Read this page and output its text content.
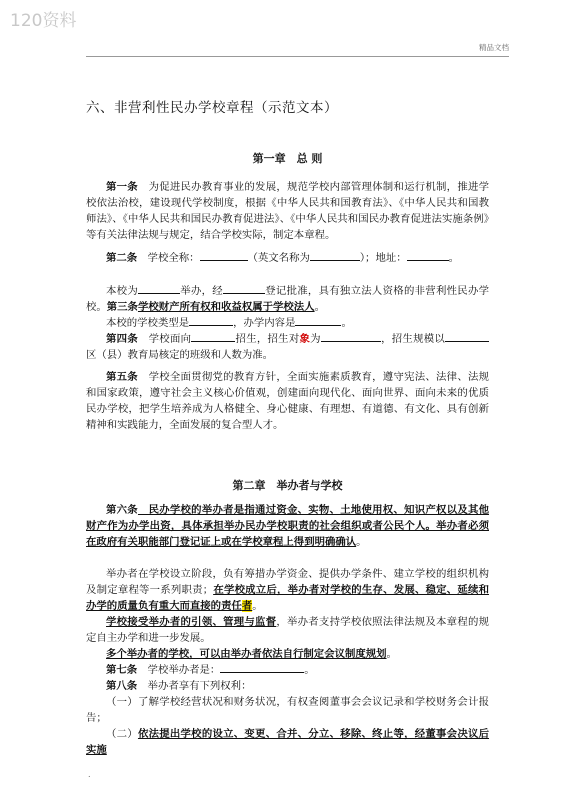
120资料
精品文档
六、非营利性民办学校章程（示范文本）
第一章　总 则
第一条　为促进民办教育事业的发展，规范学校内部管理体制和运行机制，推进学校依法治校，建设现代学校制度，根据《中华人民共和国教育法》、《中华人民共和国教师法》、《中华人民共和国民办教育促进法》、《中华人民共和国民办教育促进法实施条例》等有关法律法规与规定，结合学校实际，制定本章程。
第二条　学校全称：	（英文名称为	）；地址：	。
本校为	举办，经	登记批准，具有独立法人资格的非营利性民办学校。第三条学校财产所有权和收益权属于学校法人。
本校的学校类型是	，办学内容是	。
第四条　学校面向	招生，招生对象为	，招生规模以区（县）教育局核定的班级和人数为准。
第五条　学校全面贯彻党的教育方针，全面实施素质教育，遵守宪法、法律、法规和国家政策，遵守社会主义核心价值观，创建面向现代化、面向世界、面向未来的优质民办学校，把学生培养成为人格健全、身心健康、有理想、有道德、有文化、具有创新精神和实践能力，全面发展的复合型人才。
第二章　举办者与学校
第六条　民办学校的举办者是指通过资金、实物、土地使用权、知识产权以及其他财产作为办学出资，具体承担举办民办学校职责的社会组织或者公民个人。举办者必须在政府有关职能部门登记证上或在学校章程上得到明确确认。
举办者在学校设立阶段，负有筹措办学资金、提供办学条件、建立学校的组织机构及制定章程等一系列职责；在学校成立后，举办者对学校的生存、发展、稳定、延续和办学的质量负有重大而直接的责任者。
学校接受举办者的引领、管理与监督，举办者支持学校依照法律法规及本章程的规定自主办学和进一步发展。
多个举办者的学校，可以由举办者依法自行制定会议制度规划。
第七条　学校举办者是：	。
第八条　举办者享有下列权利：
（一）了解学校经营状况和财务状况，有权查阅董事会会议记录和学校财务会计报告；
（二）依法提出学校的设立、变更、合并、分立、移除、终止等，经董事会决议后实施
.
